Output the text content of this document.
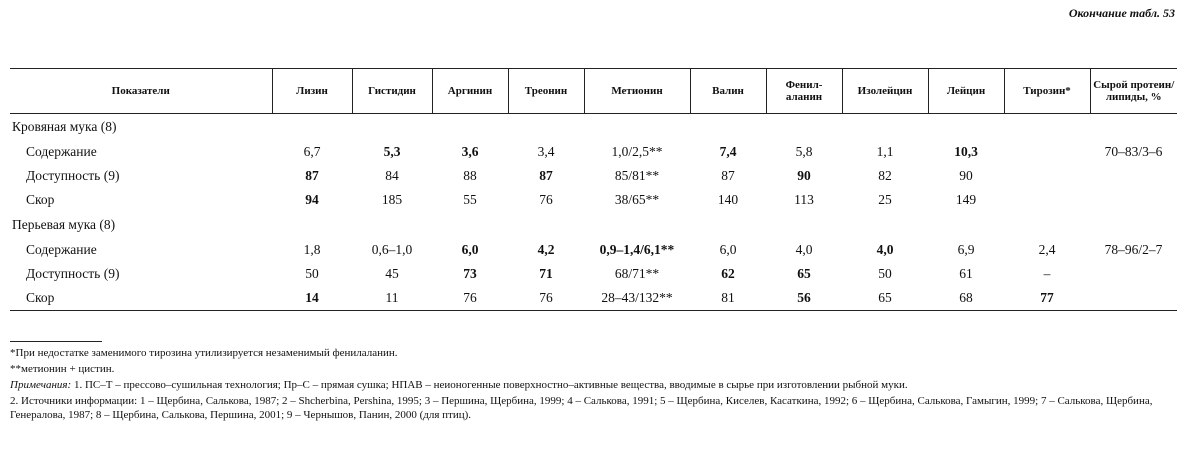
Окончание табл. 53
Показатели	Лизин	Гистидин	Аргинин	Треонин	Метионин	Валин	Фенил-аланин	Изолейцин	Лейцин	Тирозин*	Сырой протеин/ липиды, %
Кровяная мука (8)											
Содержание	6,7	5,3	3,6	3,4	1,0/2,5**	7,4	5,8	1,1	10,3		70–83/3–6
Доступность (9)	87	84	88	87	85/81**	87	90	82	90		
Скор	94	185	55	76	38/65**	140	113	25	149		
Перьевая мука (8)											
Содержание	1,8	0,6–1,0	6,0	4,2	0,9–1,4/6,1**	6,0	4,0	4,0	6,9	2,4	78–96/2–7
Доступность (9)	50	45	73	71	68/71**	62	65	50	61	–	
Скор	14	11	76	76	28–43/132**	81	56	65	68	77	

*При недостатке заменимого тирозина утилизируется незаменимый фенилаланин.

**метионин + цистин.

Примечания: 1. ПС–Т – прессово–сушильная технология; Пр–С – прямая сушка; НПАВ – неионогенные поверхностно–активные вещества, вводимые в сырье при изготовлении рыбной муки.

2. Источники информации: 1 – Щербина, Салькова, 1987; 2 – Shcherbina, Pershina, 1995; 3 – Першина, Щербина, 1999; 4 – Салькова, 1991; 5 – Щербина, Киселев, Касаткина, 1992; 6 – Щербина, Салькова, Гамыгин, 1999; 7 – Салькова, Щербина, Генералова, 1987; 8 – Щербина, Салькова, Першина, 2001; 9 – Чернышов, Панин, 2000 (для птиц).
